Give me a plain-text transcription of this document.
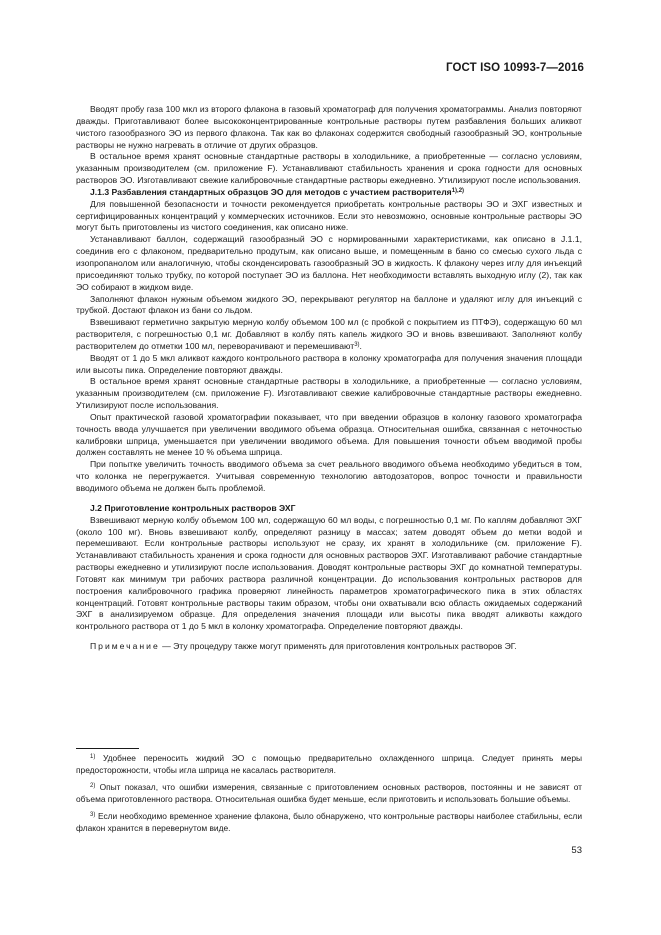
ГОСТ ISO 10993-7—2016

Вводят пробу газа 100 мкл из второго флакона в газовый хроматограф для получения хроматограммы. Анализ повторяют дважды. Приготавливают более высококонцентрированные контрольные растворы путем разбавления больших аликвот чистого газообразного ЭО из первого флакона. Так как во флаконах содержится свободный газообразный ЭО, контрольные растворы не нужно нагревать в отличие от других образцов.

В остальное время хранят основные стандартные растворы в холодильнике, а приобретенные — согласно условиям, указанным производителем (см. приложение F). Устанавливают стабильность хранения и срока годности для основных растворов ЭО. Изготавливают свежие калибровочные стандартные растворы ежедневно. Утилизируют после использования.

J.1.3 Разбавления стандартных образцов ЭО для методов с участием растворителя$^{1),2)}$

Для повышенной безопасности и точности рекомендуется приобретать контрольные растворы ЭО и ЭХГ известных и сертифицированных концентраций у коммерческих источников. Если это невозможно, основные контрольные растворы ЭО могут быть приготовлены из чистого соединения, как описано ниже.

Устанавливают баллон, содержащий газообразный ЭО с нормированными характеристиками, как описано в J.1.1, соединив его с флаконом, предварительно продутым, как описано выше, и помещенным в баню со смесью сухого льда с изопропанолом или аналогичную, чтобы сконденсировать газообразный ЭО в жидкость. К флакону через иглу для инъекций присоединяют только трубку, по которой поступает ЭО из баллона. Нет необходимости вставлять выходную иглу (2), так как ЭО собирают в жидком виде.

Заполняют флакон нужным объемом жидкого ЭО, перекрывают регулятор на баллоне и удаляют иглу для инъекций с трубкой. Достают флакон из бани со льдом.

Взвешивают герметично закрытую мерную колбу объемом 100 мл (с пробкой с покрытием из ПТФЭ), содержащую 60 мл растворителя, с погрешностью 0,1 мг. Добавляют в колбу пять капель жидкого ЭО и вновь взвешивают. Заполняют колбу растворителем до отметки 100 мл, переворачивают и перемешивают$^{3)}$.

Вводят от 1 до 5 мкл аликвот каждого контрольного раствора в колонку хроматографа для получения значения площади или высоты пика. Определение повторяют дважды.

В остальное время хранят основные стандартные растворы в холодильнике, а приобретенные — согласно условиям, указанным производителем (см. приложение F). Изготавливают свежие калибровочные стандартные растворы ежедневно. Утилизируют после использования.

Опыт практической газовой хроматографии показывает, что при введении образцов в колонку газового хроматографа точность ввода улучшается при увеличении вводимого объема образца. Относительная ошибка, связанная с неточностью калибровки шприца, уменьшается при увеличении вводимого объема. Для повышения точности объем вводимой пробы должен составлять не менее 10 % объема шприца.

При попытке увеличить точность вводимого объема за счет реального вводимого объема необходимо убедиться в том, что колонка не перегружается. Учитывая современную технологию автодозаторов, вопрос точности и правильности вводимого объема не должен быть проблемой.

J.2 Приготовление контрольных растворов ЭХГ

Взвешивают мерную колбу объемом 100 мл, содержащую 60 мл воды, с погрешностью 0,1 мг. По каплям добавляют ЭХГ (около 100 мг). Вновь взвешивают колбу, определяют разницу в массах; затем доводят объем до метки водой и перемешивают. Если контрольные растворы используют не сразу, их хранят в холодильнике (см. приложение F). Устанавливают стабильность хранения и срока годности для основных растворов ЭХГ. Изготавливают рабочие стандартные растворы ежедневно и утилизируют после использования. Доводят контрольные растворы ЭХГ до комнатной температуры. Готовят как минимум три рабочих раствора различной концентрации. До использования контрольных растворов для построения калибровочного графика проверяют линейность параметров хроматографического пика в этих областях концентраций. Готовят контрольные растворы таким образом, чтобы они охватывали всю область ожидаемых содержаний ЭХГ в анализируемом образце. Для определения значения площади или высоты пика вводят аликвоты каждого контрольного раствора от 1 до 5 мкл в колонку хроматографа. Определение повторяют дважды.

Примечание — Эту процедуру также могут применять для приготовления контрольных растворов ЭГ.

$^{1)}$ Удобнее переносить жидкий ЭО с помощью предварительно охлажденного шприца. Следует принять меры предосторожности, чтобы игла шприца не касалась растворителя.

$^{2)}$ Опыт показал, что ошибки измерения, связанные с приготовлением основных растворов, постоянны и не зависят от объема приготовленного раствора. Относительная ошибка будет меньше, если приготовить и использовать большие объемы.

$^{3)}$ Если необходимо временное хранение флакона, было обнаружено, что контрольные растворы наиболее стабильны, если флакон хранится в перевернутом виде.

53
